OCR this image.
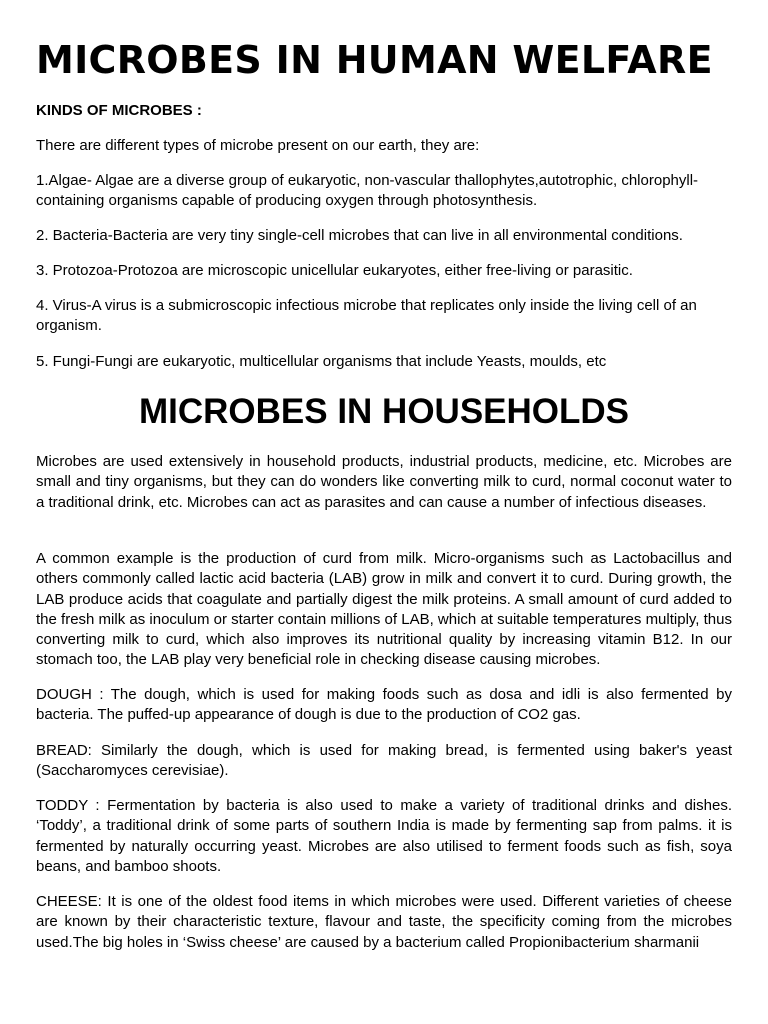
MICROBES IN HUMAN WELFARE

KINDS OF MICROBES :

There are different types of microbe present on our earth, they are:

1.Algae- Algae are a diverse group of eukaryotic, non-vascular thallophytes,autotrophic, chlorophyll-containing organisms capable of producing oxygen through photosynthesis.

2. Bacteria-Bacteria are very tiny single-cell microbes that can live in all environmental conditions.

3. Protozoa-Protozoa are microscopic unicellular eukaryotes, either free-living or parasitic.

4. Virus-A virus is a submicroscopic infectious microbe that replicates only inside the living cell of an organism.

5. Fungi-Fungi are eukaryotic, multicellular organisms that include Yeasts, moulds, etc

MICROBES IN HOUSEHOLDS

Microbes are used extensively in household products, industrial products, medicine, etc. Microbes are small and tiny organisms, but they can do wonders like converting milk to curd, normal coconut water to a traditional drink, etc. Microbes can act as parasites and can cause a number of infectious diseases.

A common example is the production of curd from milk. Micro-organisms such as Lactobacillus and others commonly called lactic acid bacteria (LAB) grow in milk and convert it to curd. During growth, the LAB produce acids that coagulate and partially digest the milk proteins. A small amount of curd added to the fresh milk as inoculum or starter contain millions of LAB, which at suitable temperatures multiply, thus converting milk to curd, which also improves its nutritional quality by increasing vitamin B12. In our stomach too, the LAB play very beneficial role in checking disease causing microbes.

DOUGH : The dough, which is used for making foods such as dosa and idli is also fermented by bacteria. The puffed-up appearance of dough is due to the production of CO2 gas.

BREAD: Similarly the dough, which is used for making bread, is fermented using baker's yeast (Saccharomyces cerevisiae).

TODDY : Fermentation by bacteria is also used to make a variety of traditional drinks and dishes. ‘Toddy’, a traditional drink of some parts of southern India is made by fermenting sap from palms. it is fermented by naturally occurring yeast. Microbes are also utilised to ferment foods such as fish, soya beans, and bamboo shoots.

CHEESE: It is one of the oldest food items in which microbes were used. Different varieties of cheese are known by their characteristic texture, flavour and taste, the specificity coming from the microbes used.The big holes in ‘Swiss cheese’ are caused by a bacterium called Propionibacterium sharmanii
